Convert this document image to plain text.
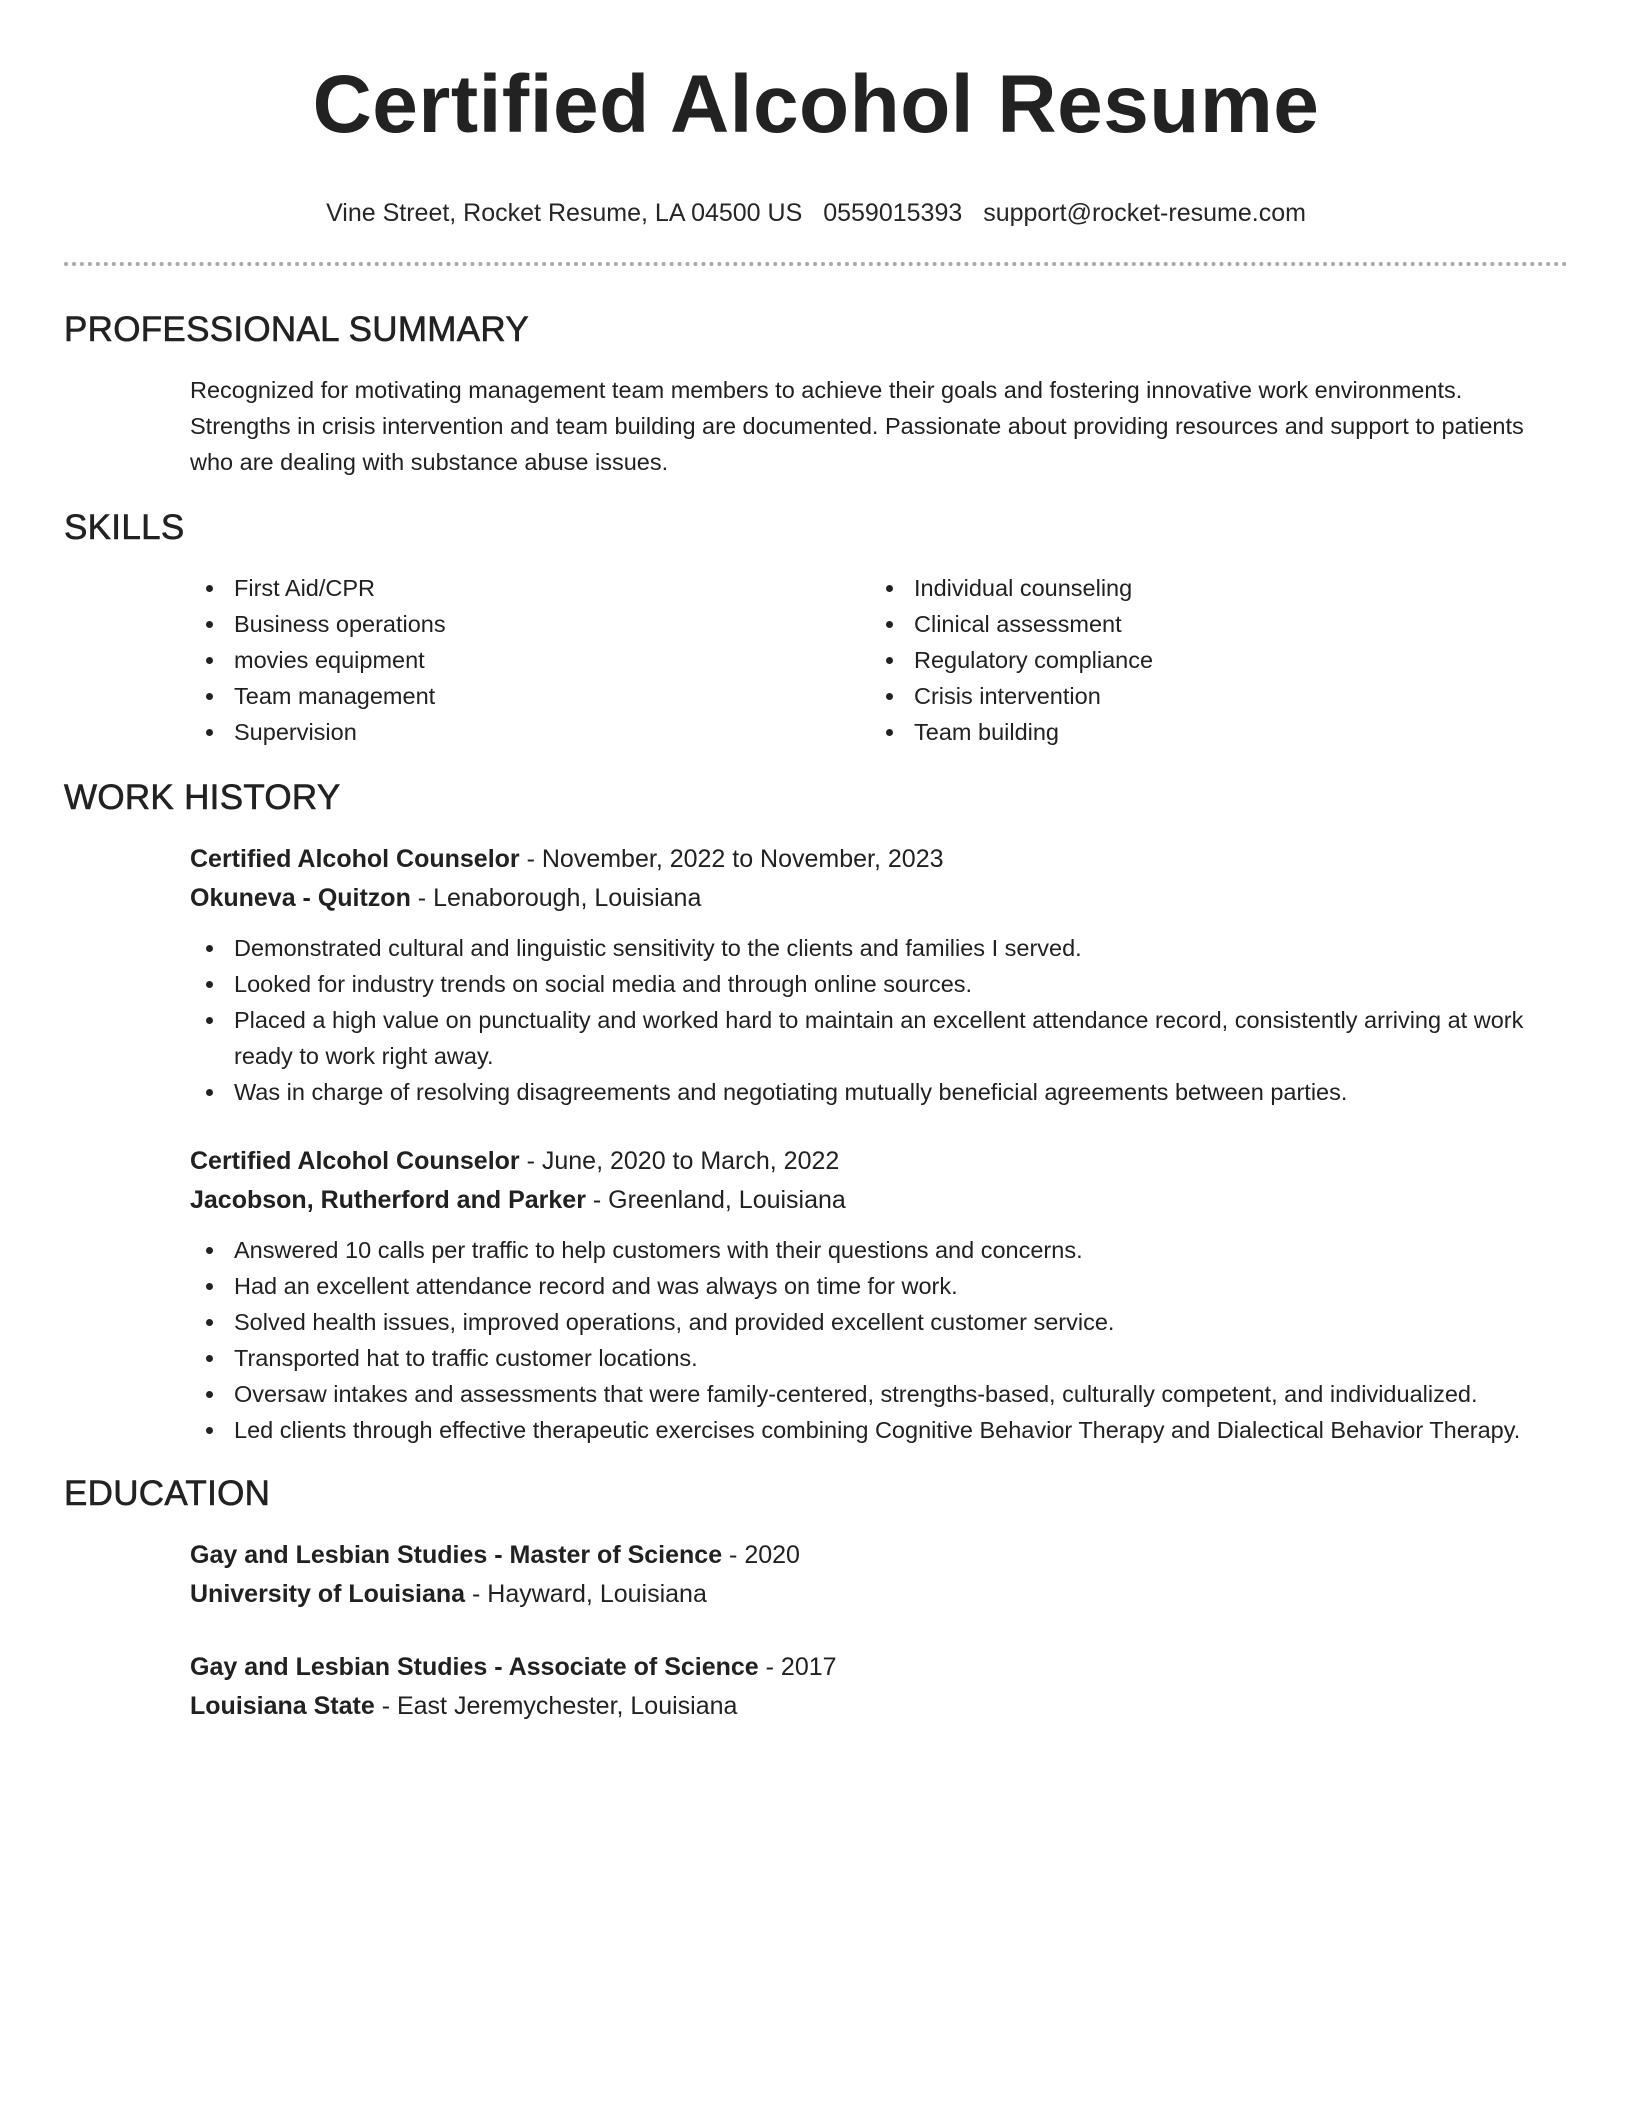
Certified Alcohol Resume
Vine Street, Rocket Resume, LA 04500 US 0559015393 support@rocket-resume.com
PROFESSIONAL SUMMARY

Recognized for motivating management team members to achieve their goals and fostering innovative work environments. Strengths in crisis intervention and team building are documented. Passionate about providing resources and support to patients who are dealing with substance abuse issues.

SKILLS
First Aid/CPR
Business operations
movies equipment
Team management
Supervision
Individual counseling
Clinical assessment
Regulatory compliance
Crisis intervention
Team building
WORK HISTORY
Certified Alcohol Counselor - November, 2022 to November, 2023
Okuneva - Quitzon - Lenaborough, Louisiana
Demonstrated cultural and linguistic sensitivity to the clients and families I served.
Looked for industry trends on social media and through online sources.
Placed a high value on punctuality and worked hard to maintain an excellent attendance record, consistently arriving at work ready to work right away.
Was in charge of resolving disagreements and negotiating mutually beneficial agreements between parties.
Certified Alcohol Counselor - June, 2020 to March, 2022
Jacobson, Rutherford and Parker - Greenland, Louisiana
Answered 10 calls per traffic to help customers with their questions and concerns.
Had an excellent attendance record and was always on time for work.
Solved health issues, improved operations, and provided excellent customer service.
Transported hat to traffic customer locations.
Oversaw intakes and assessments that were family-centered, strengths-based, culturally competent, and individualized.
Led clients through effective therapeutic exercises combining Cognitive Behavior Therapy and Dialectical Behavior Therapy.
EDUCATION
Gay and Lesbian Studies - Master of Science - 2020
University of Louisiana - Hayward, Louisiana
Gay and Lesbian Studies - Associate of Science - 2017
Louisiana State - East Jeremychester, Louisiana
